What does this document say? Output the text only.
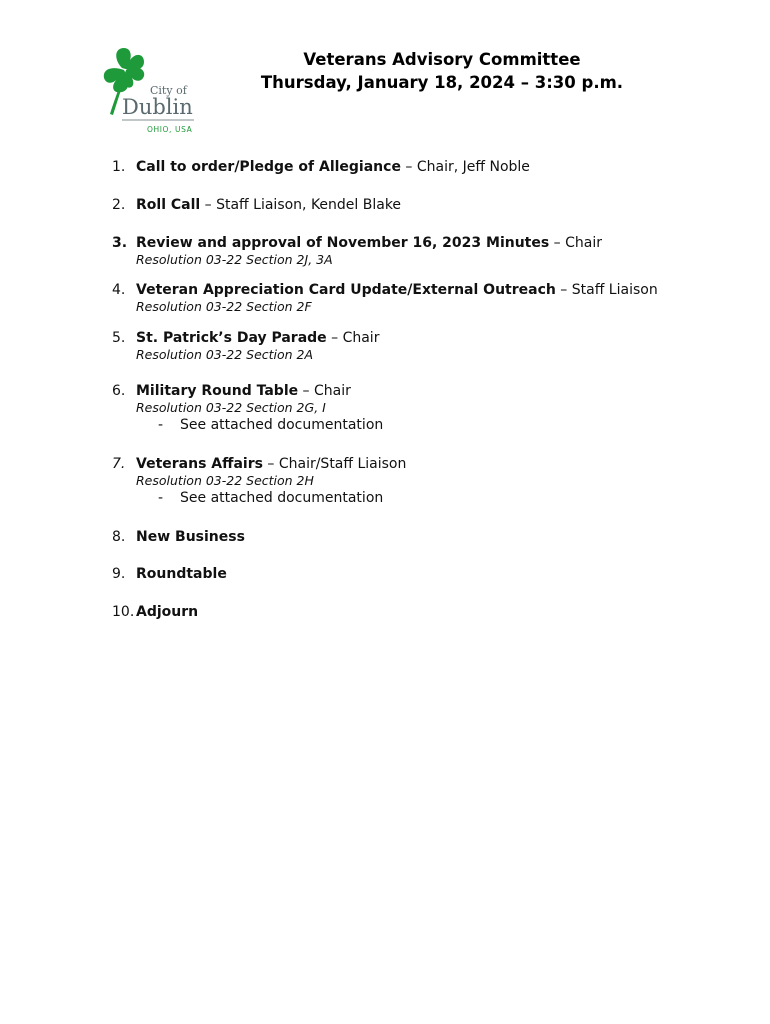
City of
Dublin
OHIO, USA
Veterans Advisory Committee
Thursday, January 18, 2024 – 3:30 p.m.
1. Call to order/Pledge of Allegiance – Chair, Jeff Noble
2. Roll Call – Staff Liaison, Kendel Blake
3. Review and approval of November 16, 2023 Minutes – Chair
Resolution 03-22 Section 2J, 3A
4. Veteran Appreciation Card Update/External Outreach – Staff Liaison
Resolution 03-22 Section 2F
5. St. Patrick’s Day Parade – Chair
Resolution 03-22 Section 2A
6. Military Round Table – Chair
Resolution 03-22 Section 2G, I
- See attached documentation
7. Veterans Affairs – Chair/Staff Liaison
Resolution 03-22 Section 2H
- See attached documentation
8. New Business
9. Roundtable
10. Adjourn
